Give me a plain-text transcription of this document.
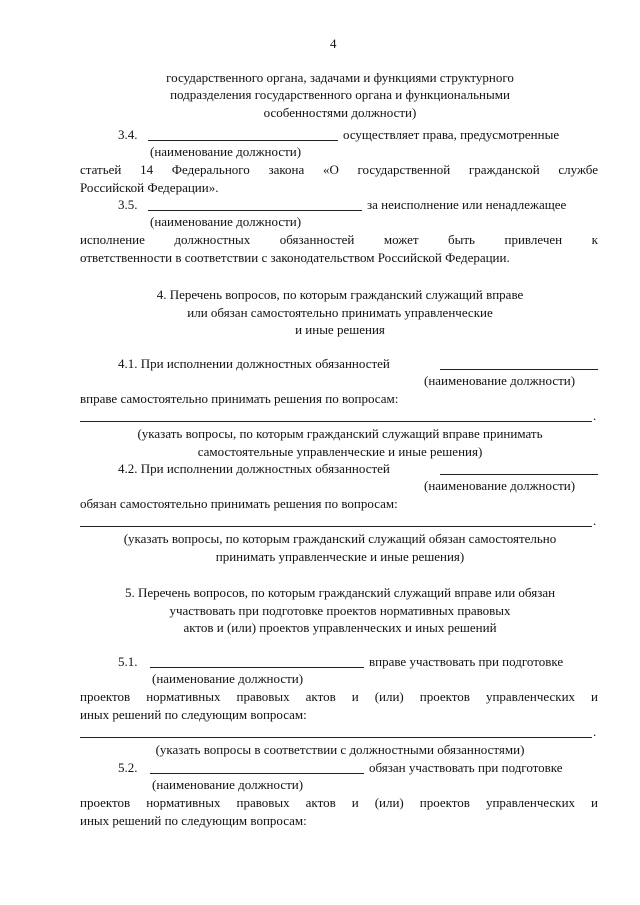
4
государственного органа, задачами и функциями структурного
подразделения государственного органа и функциональными
особенностями должности)
3.4.	осуществляет права, предусмотренные
(наименование должности)
статьей 14 Федерального закона «О государственной гражданской службе
Российской Федерации».
3.5.	за неисполнение или ненадлежащее
(наименование должности)
исполнение должностных обязанностей может быть привлечен к
ответственности в соответствии с законодательством Российской Федерации.
4. Перечень вопросов, по которым гражданский служащий вправе
или обязан самостоятельно принимать управленческие
и иные решения
4.1. При исполнении должностных обязанностей
(наименование должности)
вправе самостоятельно принимать решения по вопросам:
.
(указать вопросы, по которым гражданский служащий вправе принимать
самостоятельные управленческие и иные решения)
4.2. При исполнении должностных обязанностей
(наименование должности)
обязан самостоятельно принимать решения по вопросам:
.
(указать вопросы, по которым гражданский служащий обязан самостоятельно
принимать управленческие и иные решения)
5. Перечень вопросов, по которым гражданский служащий вправе или обязан
участвовать при подготовке проектов нормативных правовых
актов и (или) проектов управленческих и иных решений
5.1.	вправе участвовать при подготовке
(наименование должности)
проектов нормативных правовых актов и (или) проектов управленческих и
иных решений по следующим вопросам:
.
(указать вопросы в соответствии с должностными обязанностями)
5.2.	обязан участвовать при подготовке
(наименование должности)
проектов нормативных правовых актов и (или) проектов управленческих и
иных решений по следующим вопросам:
